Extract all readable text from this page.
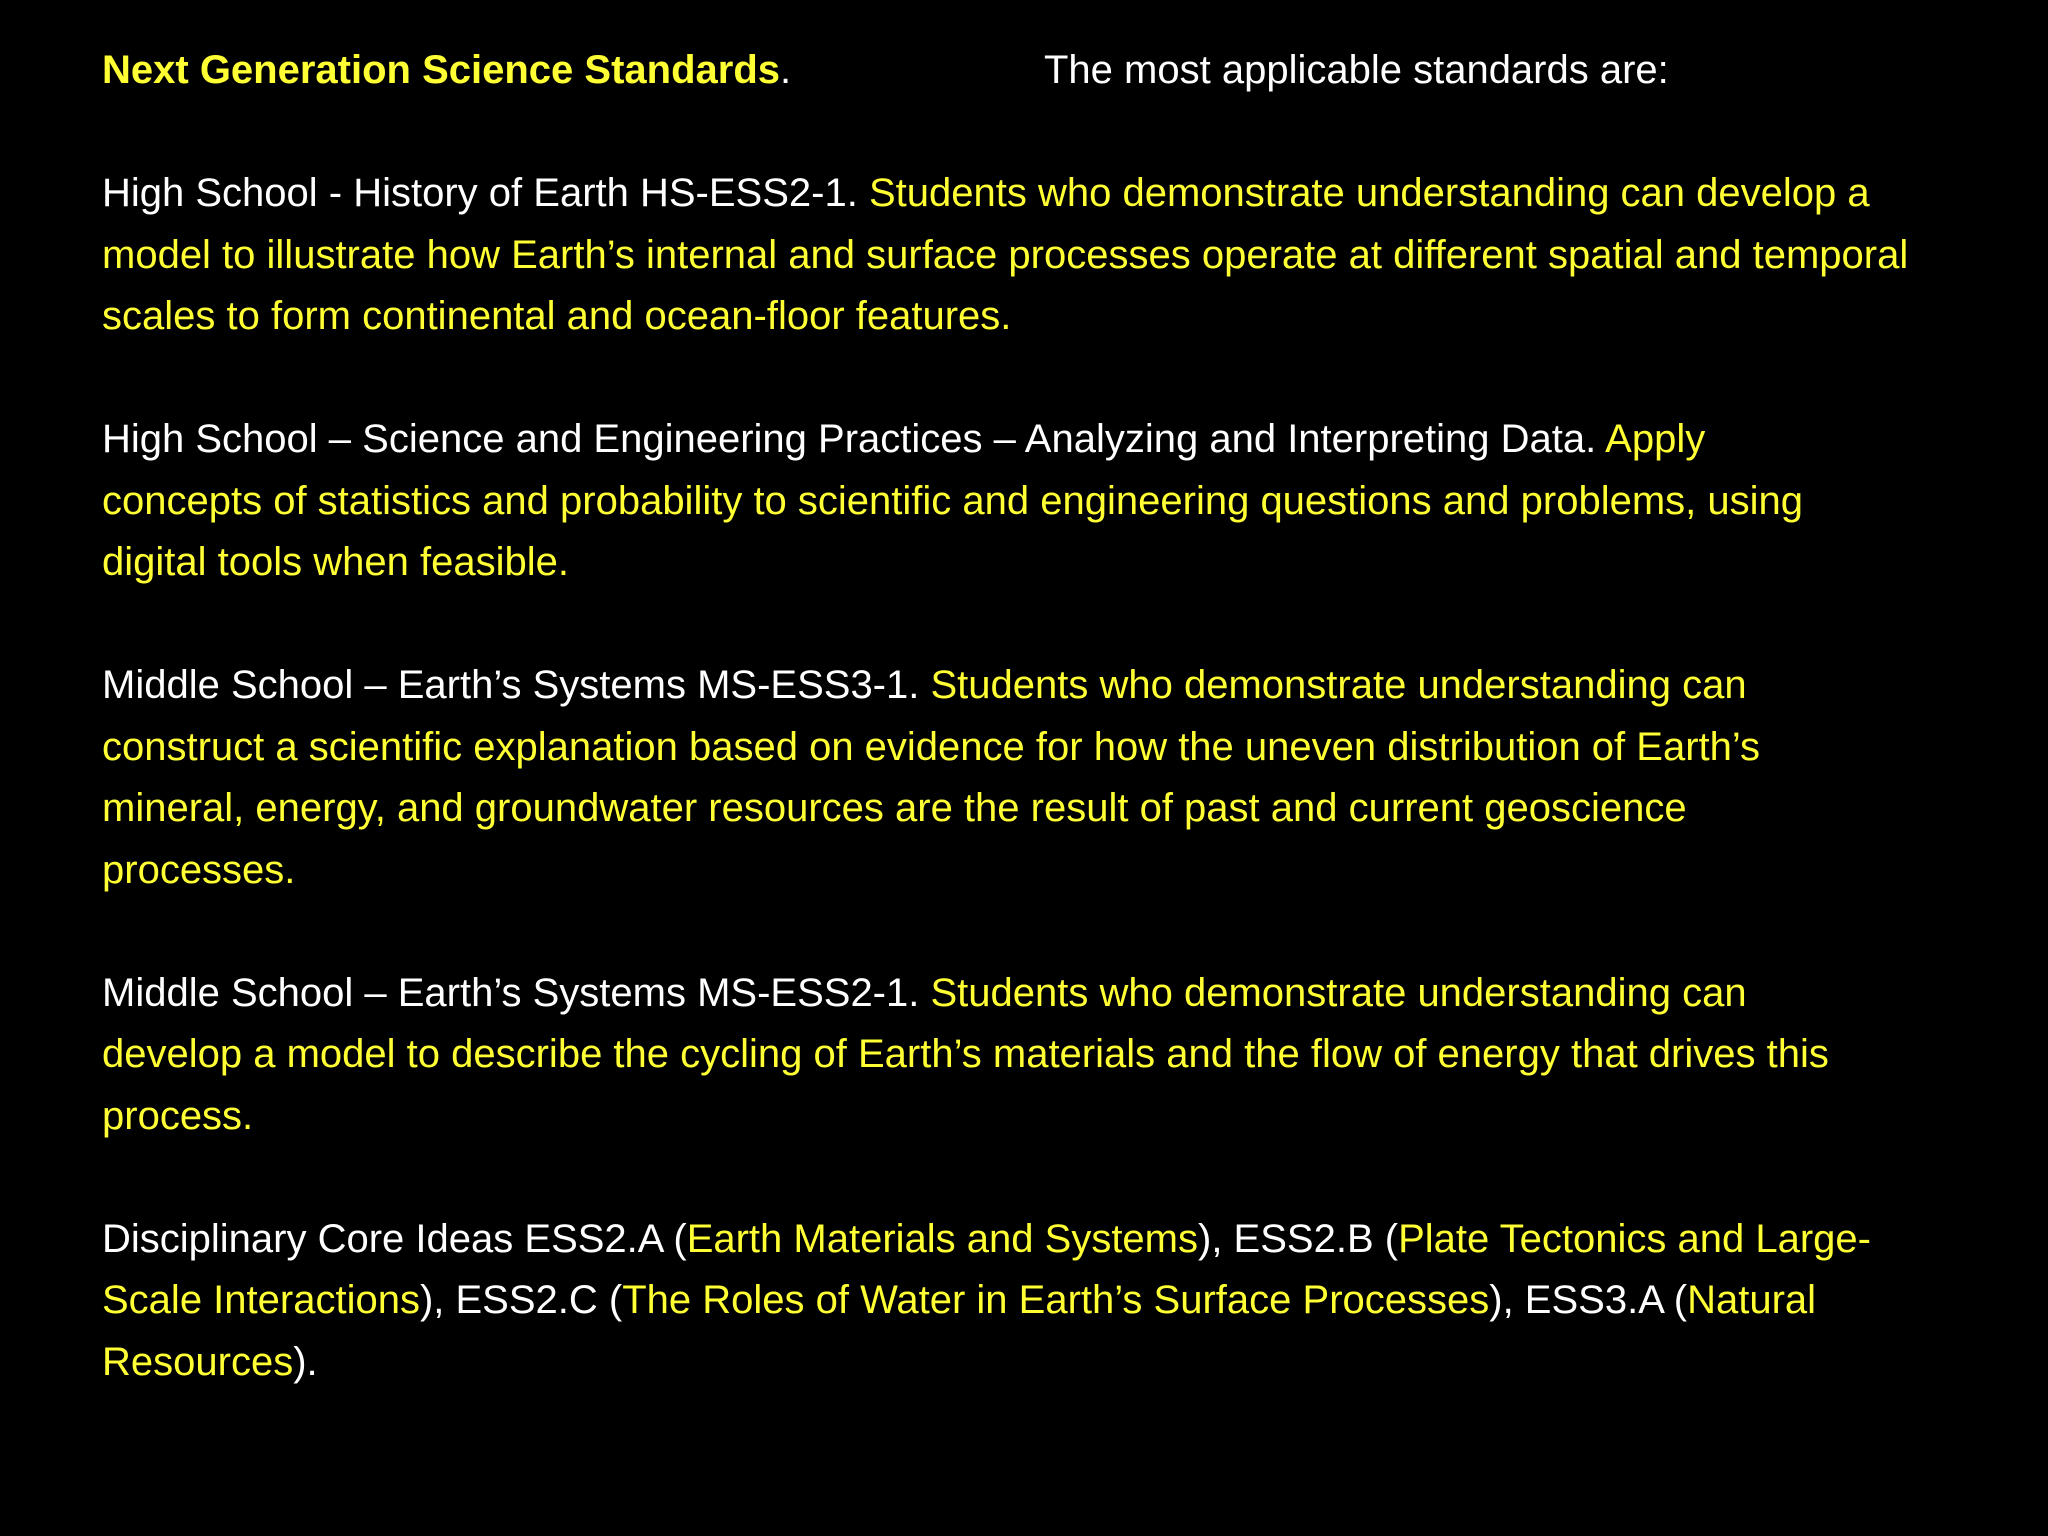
Next Generation Science Standards.	The most applicable standards are:
High School - History of Earth HS-ESS2-1. Students who demonstrate understanding can develop a model to illustrate how Earth’s internal and surface processes operate at different spatial and temporal scales to form continental and ocean-floor features.
High School – Science and Engineering Practices – Analyzing and Interpreting Data. Apply concepts of statistics and probability to scientific and engineering questions and problems, using digital tools when feasible.
Middle School – Earth’s Systems MS-ESS3-1. Students who demonstrate understanding can construct a scientific explanation based on evidence for how the uneven distribution of Earth’s mineral, energy, and groundwater resources are the result of past and current geoscience processes.
Middle School – Earth’s Systems MS-ESS2-1. Students who demonstrate understanding can develop a model to describe the cycling of Earth’s materials and the flow of energy that drives this process.
Disciplinary Core Ideas ESS2.A (Earth Materials and Systems), ESS2.B (Plate Tectonics and Large-Scale Interactions), ESS2.C (The Roles of Water in Earth’s Surface Processes), ESS3.A (Natural Resources).
